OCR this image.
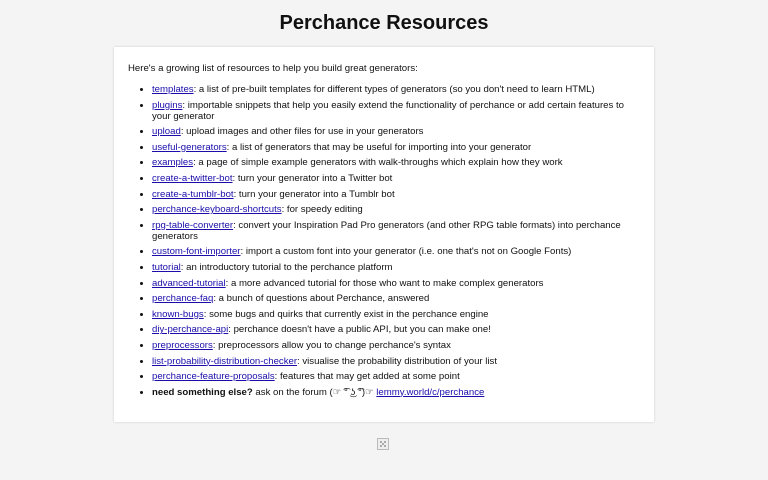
Perchance Resources

Here's a growing list of resources to help you build great generators:

• templates: a list of pre-built templates for different types of generators (so you don't need to learn HTML)
• plugins: importable snippets that help you easily extend the functionality of perchance or add certain features to your generator
• upload: upload images and other files for use in your generators
• useful-generators: a list of generators that may be useful for importing into your generator
• examples: a page of simple example generators with walk-throughs which explain how they work
• create-a-twitter-bot: turn your generator into a Twitter bot
• create-a-tumblr-bot: turn your generator into a Tumblr bot
• perchance-keyboard-shortcuts: for speedy editing
• rpg-table-converter: convert your Inspiration Pad Pro generators (and other RPG table formats) into perchance generators
• custom-font-importer: import a custom font into your generator (i.e. one that's not on Google Fonts)
• tutorial: an introductory tutorial to the perchance platform
• advanced-tutorial: a more advanced tutorial for those who want to make complex generators
• perchance-faq: a bunch of questions about Perchance, answered
• known-bugs: some bugs and quirks that currently exist in the perchance engine
• diy-perchance-api: perchance doesn't have a public API, but you can make one!
• preprocessors: preprocessors allow you to change perchance's syntax
• list-probability-distribution-checker: visualise the probability distribution of your list
• perchance-feature-proposals: features that may get added at some point
• need something else? ask on the forum (☞ ͡° ͜ʖ ͡°)☞ lemmy.world/c/perchance
